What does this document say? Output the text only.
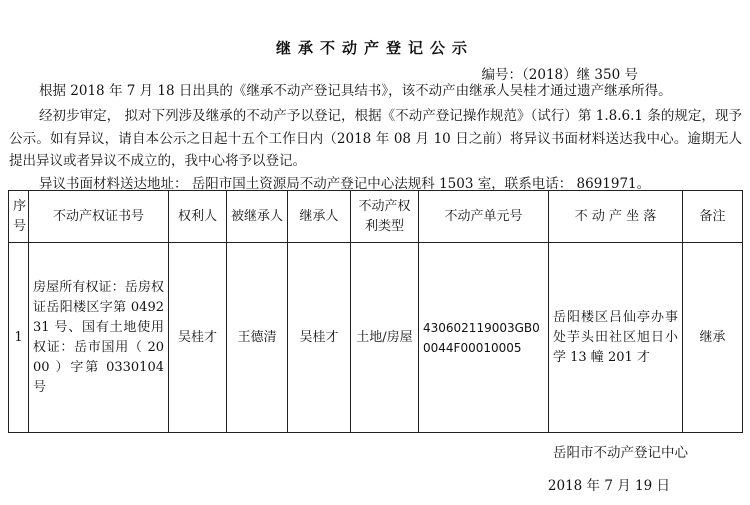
继承不动产登记公示
编号：（2018）继 350 号

根据 2018 年 7 月 18 日出具的《继承不动产登记具结书》，该不动产由继承人吴桂才通过遗产继承所得。

经初步审定， 拟对下列涉及继承的不动产予以登记，根据《不动产登记操作规范》（试行）第 1.8.6.1 条的规定，现予公示。如有异议，请自本公示之日起十五个工作日内（2018 年 08 月 10 日之前）将异议书面材料送达我中心。逾期无人提出异议或者异议不成立的，我中心将予以登记。

异议书面材料送达地址： 岳阳市国土资源局不动产登记中心法规科 1503 室，联系电话： 8691971。
序号	不动产权证书号	权利人	被继承人	继承人	不动产权利类型	不动产单元号	不 动 产 坐 落	备注
1	房屋所有权证：岳房权证岳阳楼区字第 049231 号、国有土地使用权证：岳市国用（ 2000 ）字第 0330104 号	吴桂才	王德清	吴桂才	土地/房屋	430602119003GB00044F00010005	岳阳楼区吕仙亭办事处芋头田社区旭日小学 13 幢 201 才	继承
岳阳市不动产登记中心
2018 年 7 月 19 日
